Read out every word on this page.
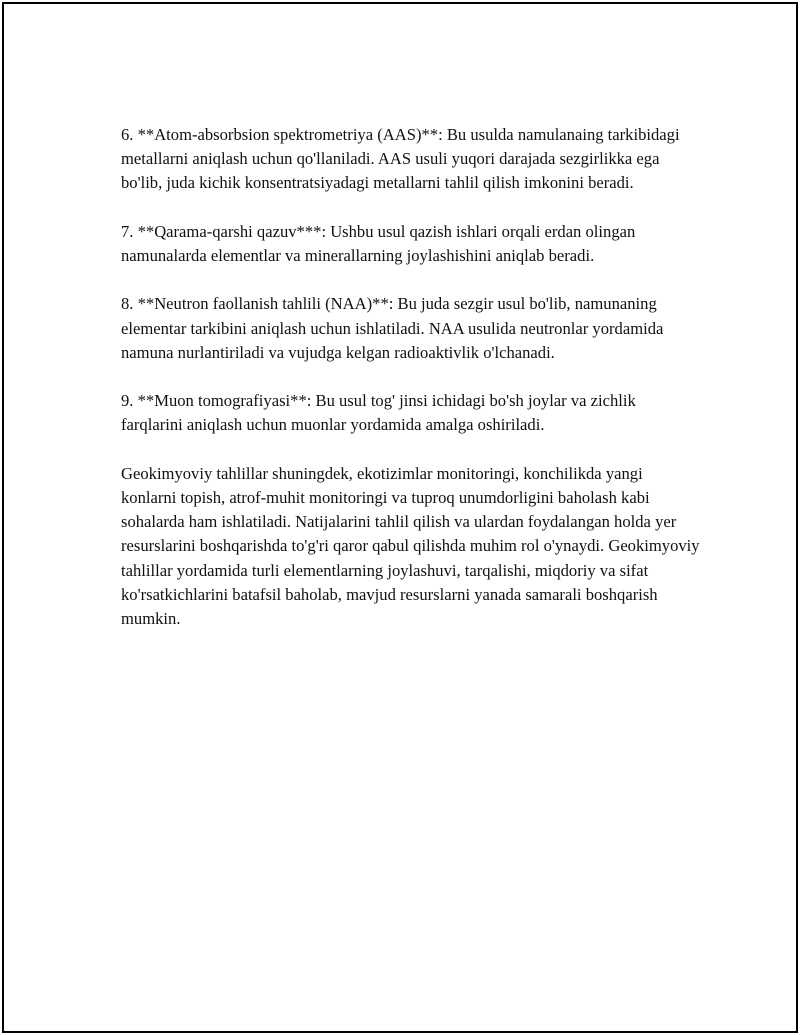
6. **Atom-absorbsion spektrometriya (AAS)**: Bu usulda namulanaing tarkibidagi metallarni aniqlash uchun qo'llaniladi. AAS usuli yuqori darajada sezgirlikka ega bo'lib, juda kichik konsentratsiyadagi metallarni tahlil qilish imkonini beradi.

7. **Qarama-qarshi qazuv***: Ushbu usul qazish ishlari orqali erdan olingan namunalarda elementlar va minerallarning joylashishini aniqlab beradi.

8. **Neutron faollanish tahlili (NAA)**: Bu juda sezgir usul bo'lib, namunaning elementar tarkibini aniqlash uchun ishlatiladi. NAA usulida neutronlar yordamida namuna nurlantiriladi va vujudga kelgan radioaktivlik o'lchanadi.

9. **Muon tomografiyasi**: Bu usul tog' jinsi ichidagi bo'sh joylar va zichlik farqlarini aniqlash uchun muonlar yordamida amalga oshiriladi.

Geokimyoviy tahlillar shuningdek, ekotizimlar monitoringi, konchilikda yangi konlarni topish, atrof-muhit monitoringi va tuproq unumdorligini baholash kabi sohalarda ham ishlatiladi. Natijalarini tahlil qilish va ulardan foydalangan holda yer resurslarini boshqarishda to'g'ri qaror qabul qilishda muhim rol o'ynaydi. Geokimyoviy tahlillar yordamida turli elementlarning joylashuvi, tarqalishi, miqdoriy va sifat ko'rsatkichlarini batafsil baholab, mavjud resurslarni yanada samarali boshqarish mumkin.
